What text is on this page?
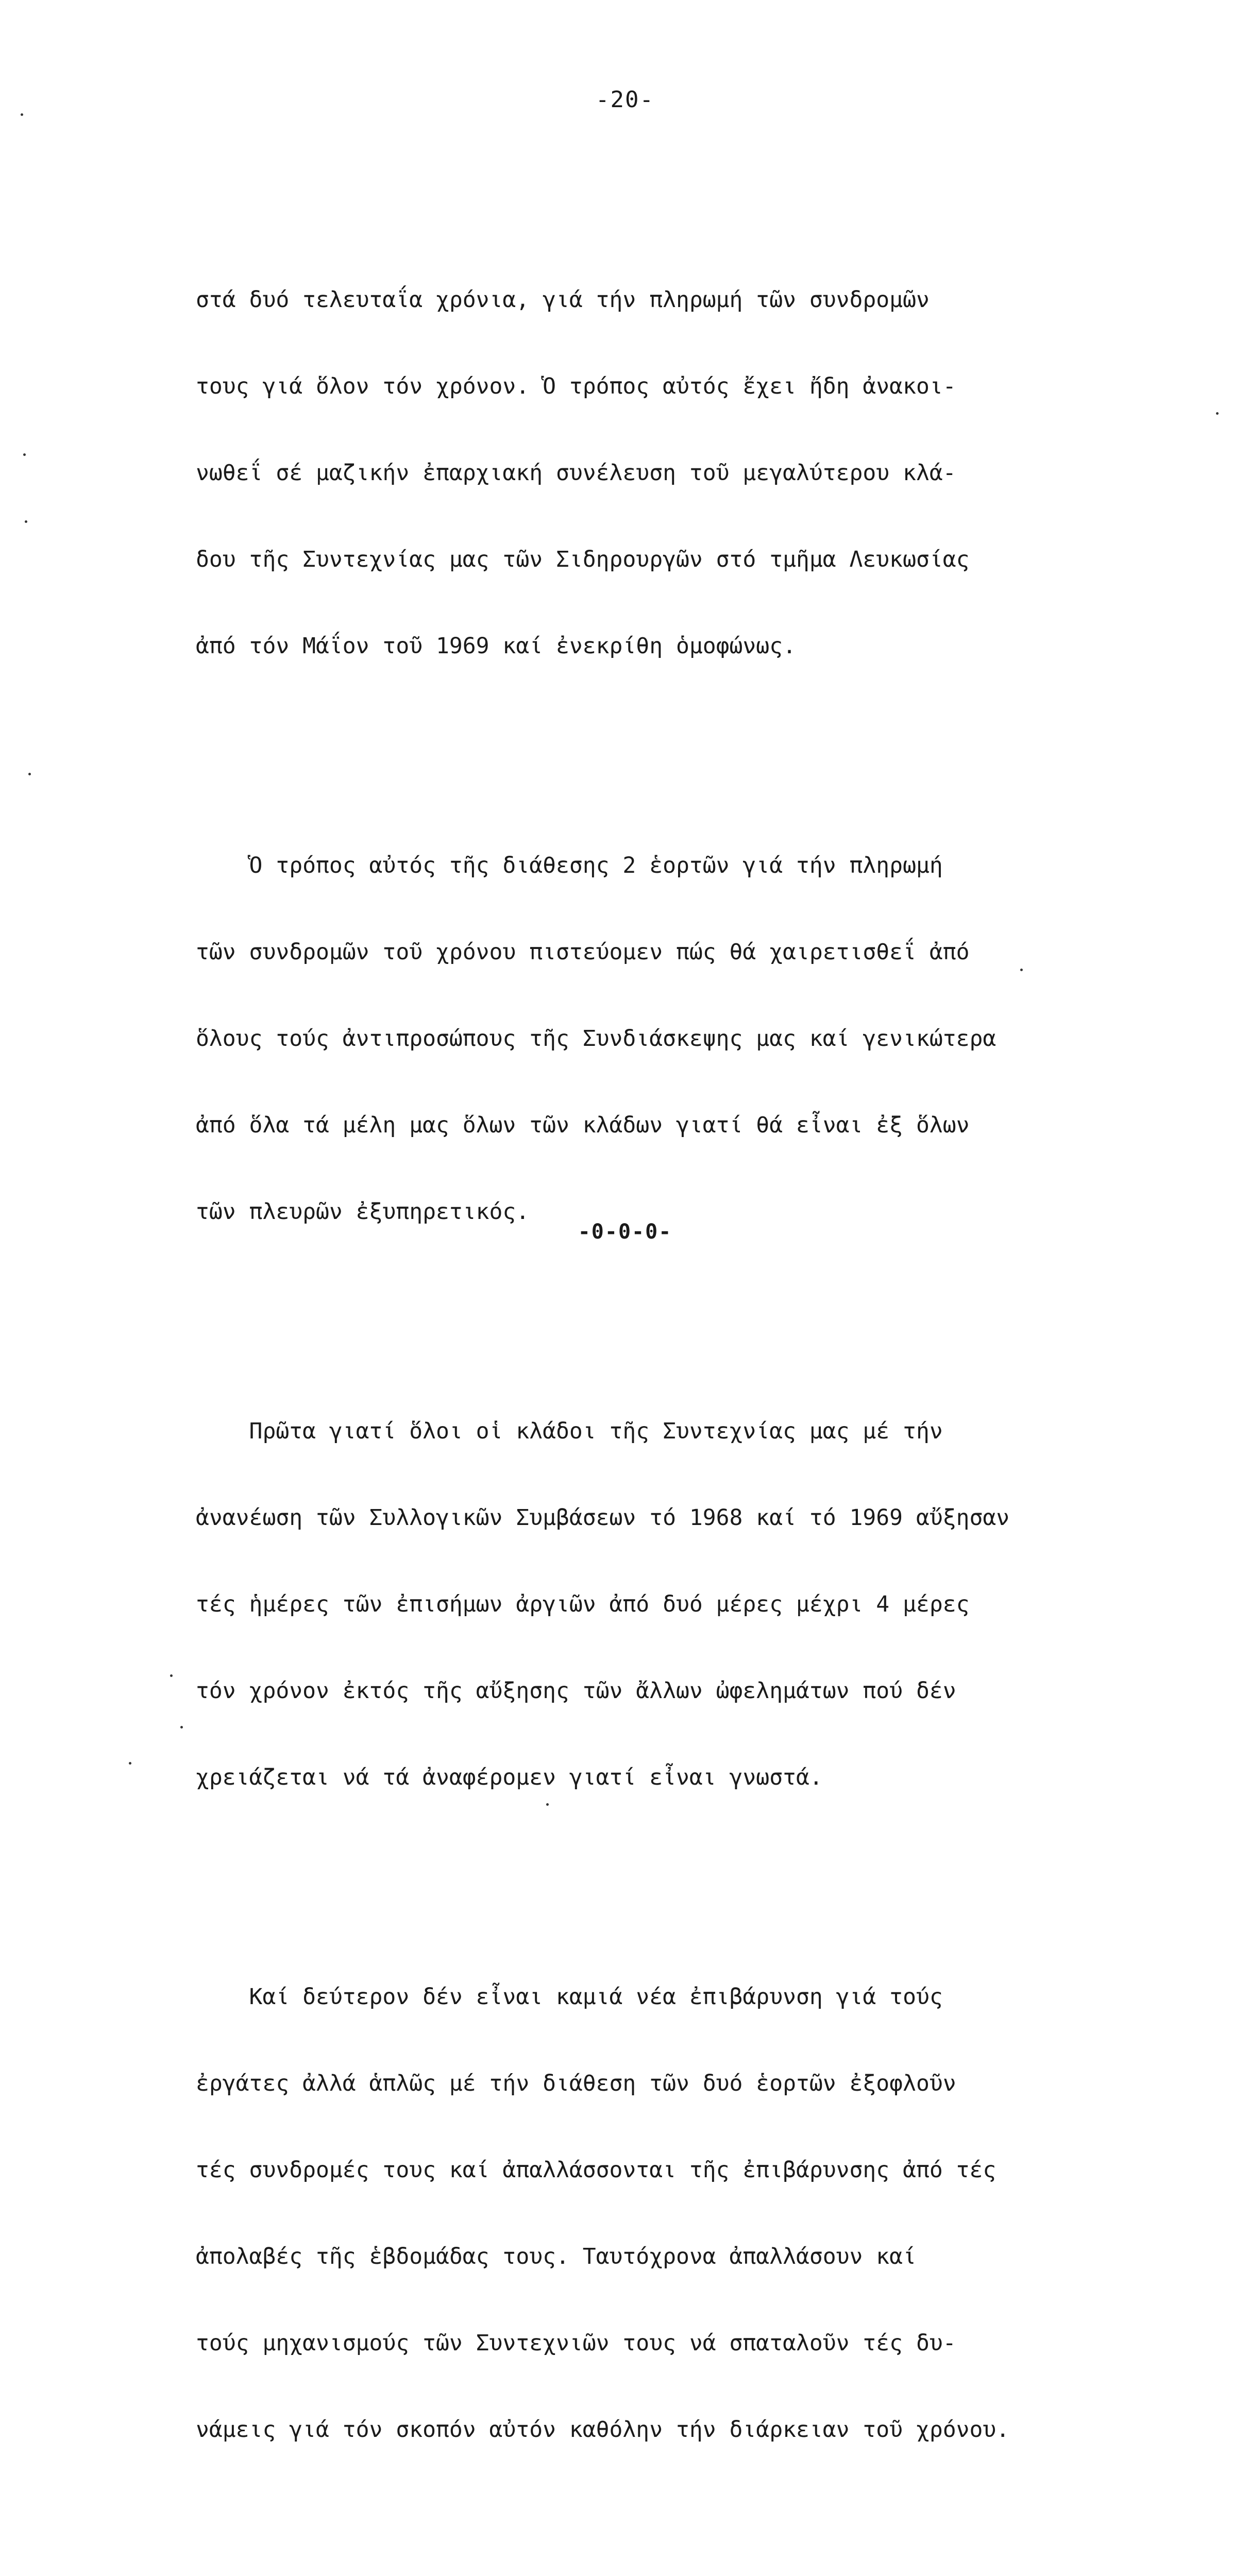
-20-

στά δυό τελευταΐα χρόνια, γιά τήν πληρωμή τῶν συνδρομῶν

τους γιά ὅλον τόν χρόνον. Ὁ τρόπος αὐτός ἔχει ἤδη ἀνακοι-

νωθεΐ σέ μαζικήν ἐπαρχιακή συνέλευση τοῦ μεγαλύτερου κλά-

δου τῆς Συντεχνίας μας τῶν Σιδηρουργῶν στό τμῆμα Λευκωσίας

ἀπό τόν Μάΐον τοῦ 1969 καί ἐνεκρίθη ὁμοφώνως.

Ὁ τρόπος αὐτός τῆς διάθεσης 2 ἑορτῶν γιά τήν πληρωμή

τῶν συνδρομῶν τοῦ χρόνου πιστεύομεν πώς θά χαιρετισθεΐ ἀπό

ὅλους τούς ἀντιπροσώπους τῆς Συνδιάσκεψης μας καί γενικώτερα

ἀπό ὅλα τά μέλη μας ὅλων τῶν κλάδων γιατί θά εἶναι ἐξ ὅλων

τῶν πλευρῶν ἐξυπηρετικός.

Πρῶτα γιατί ὅλοι οἱ κλάδοι τῆς Συντεχνίας μας μέ τήν

ἀνανέωση τῶν Συλλογικῶν Συμβάσεων τό 1968 καί τό 1969 αὔξησαν

τές ἡμέρες τῶν ἐπισήμων ἀργιῶν ἀπό δυό μέρες μέχρι 4 μέρες

τόν χρόνον ἐκτός τῆς αὔξησης τῶν ἄλλων ὠφελημάτων πού δέν

χρειάζεται νά τά ἀναφέρομεν γιατί εἶναι γνωστά.

Καί δεύτερον δέν εἶναι καμιά νέα ἐπιβάρυνση γιά τούς

ἐργάτες ἀλλά ἁπλῶς μέ τήν διάθεση τῶν δυό ἑορτῶν ἐξοφλοῦν

τές συνδρομές τους καί ἀπαλλάσσονται τῆς ἐπιβάρυνσης ἀπό τές

ἀπολαβές τῆς ἑβδομάδας τους. Ταυτόχρονα ἀπαλλάσουν καί

τούς μηχανισμούς τῶν Συντεχνιῶν τους νά σπαταλοῦν τές δυ-

νάμεις γιά τόν σκοπόν αὐτόν καθόλην τήν διάρκειαν τοῦ χρόνου.

-0-0-0-
